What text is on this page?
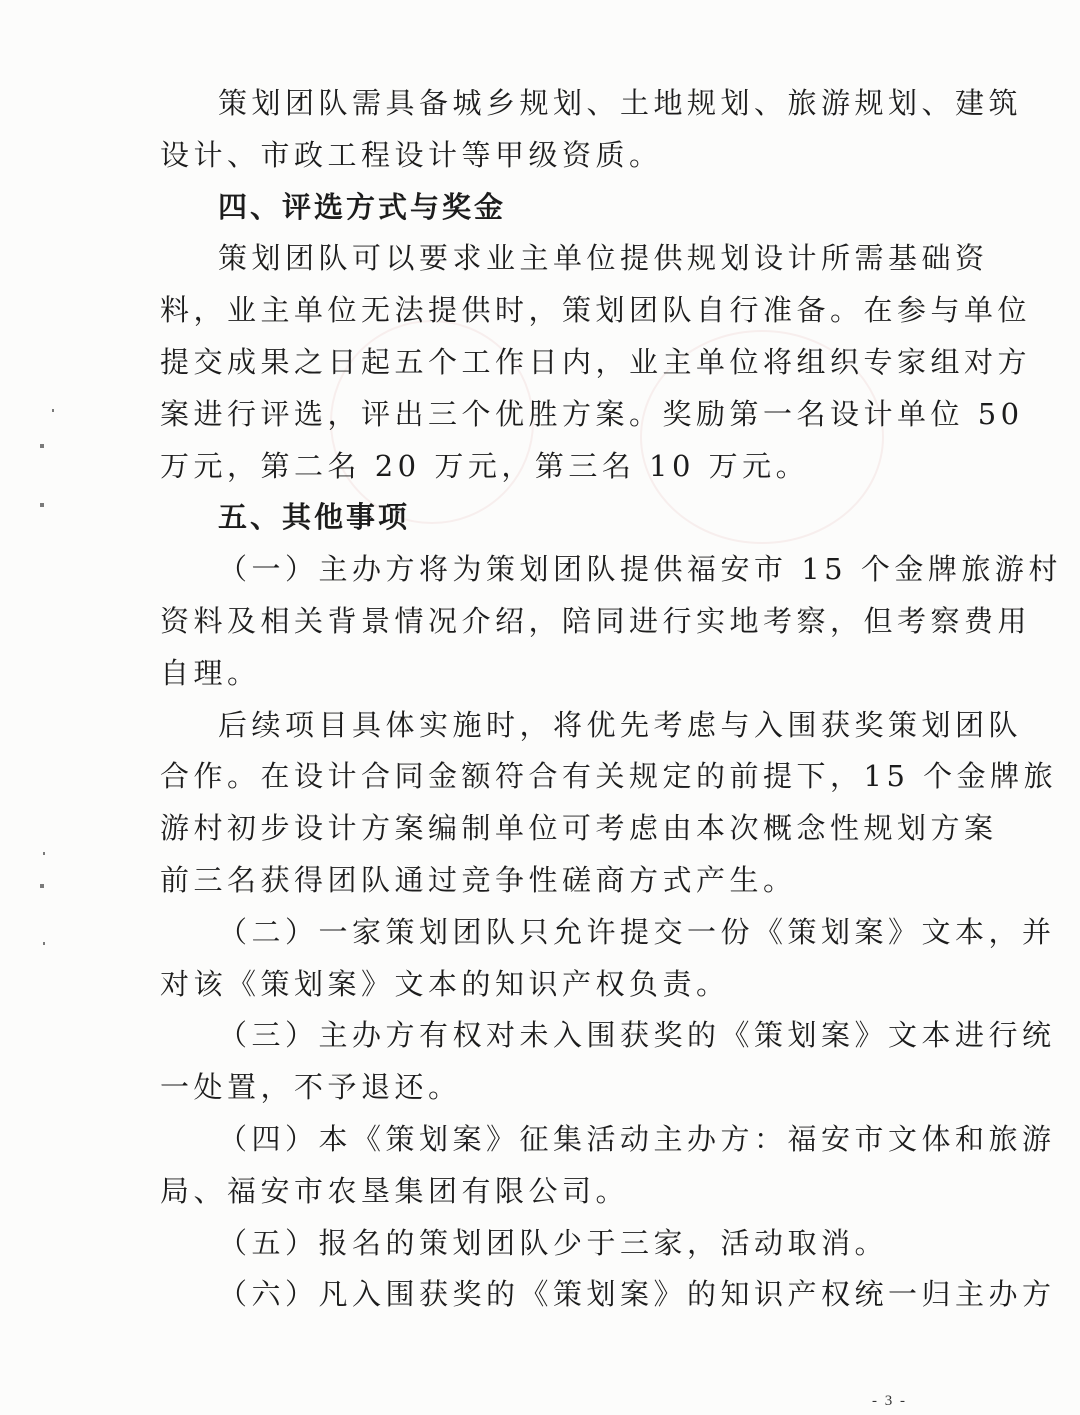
策划团队需具备城乡规划、土地规划、旅游规划、建筑
设计、市政工程设计等甲级资质。
四、评选方式与奖金
策划团队可以要求业主单位提供规划设计所需基础资
料，业主单位无法提供时，策划团队自行准备。在参与单位
提交成果之日起五个工作日内，业主单位将组织专家组对方
案进行评选，评出三个优胜方案。奖励第一名设计单位 50
万元，第二名 20 万元，第三名 10 万元。
五、其他事项
（一）主办方将为策划团队提供福安市 15 个金牌旅游村
资料及相关背景情况介绍，陪同进行实地考察，但考察费用
自理。
后续项目具体实施时，将优先考虑与入围获奖策划团队
合作。在设计合同金额符合有关规定的前提下，15 个金牌旅
游村初步设计方案编制单位可考虑由本次概念性规划方案
前三名获得团队通过竞争性磋商方式产生。
（二）一家策划团队只允许提交一份《策划案》文本，并
对该《策划案》文本的知识产权负责。
（三）主办方有权对未入围获奖的《策划案》文本进行统
一处置，不予退还。
（四）本《策划案》征集活动主办方：福安市文体和旅游
局、福安市农垦集团有限公司。
（五）报名的策划团队少于三家，活动取消。
（六）凡入围获奖的《策划案》的知识产权统一归主办方
- 3 -
